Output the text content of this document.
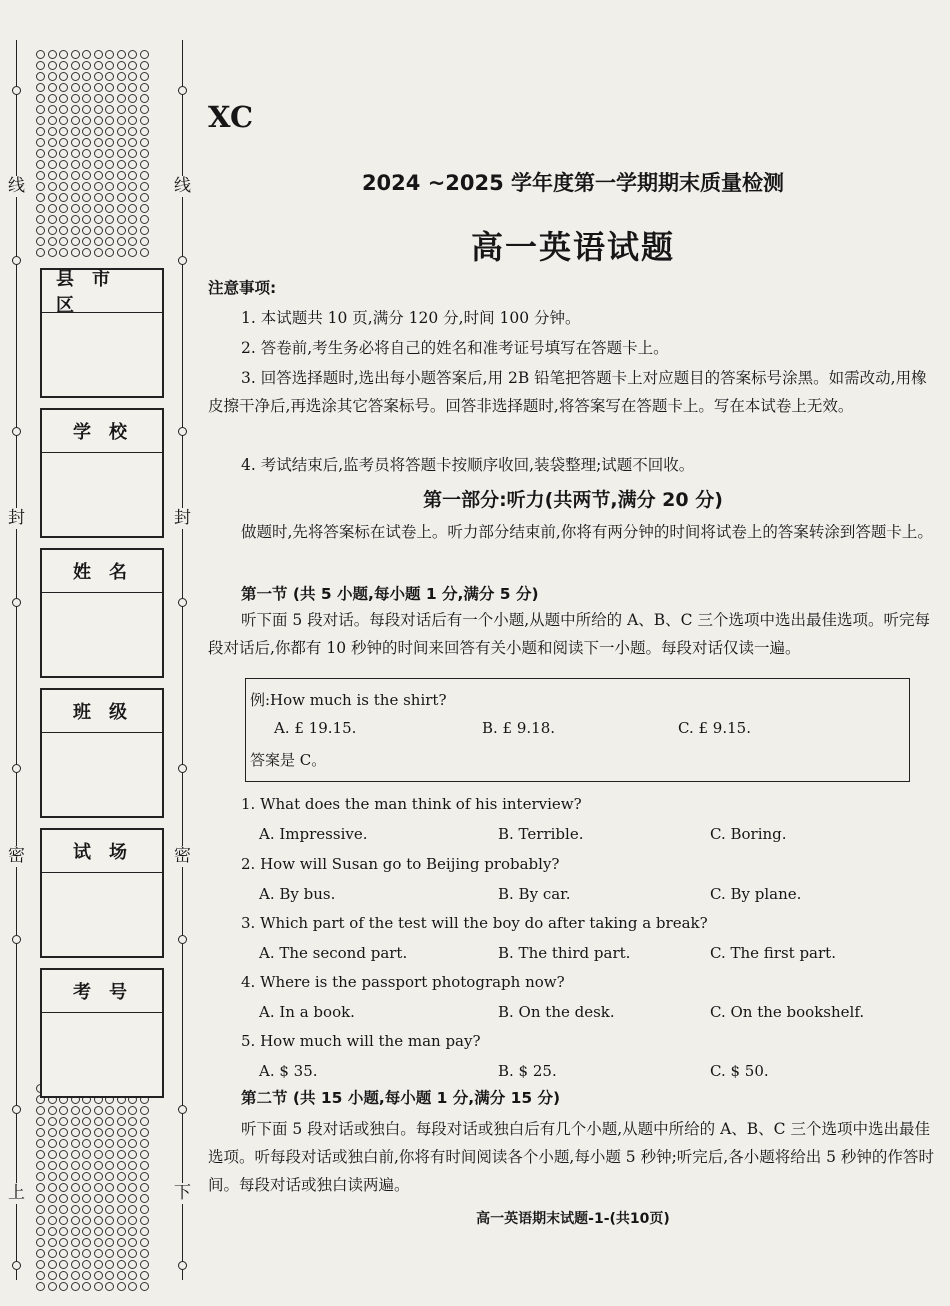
线
封
密
上
线
封
密
下
县市区
学校
姓名
班级
试场
考号
XC
2024 ~2025 学年度第一学期期末质量检测
高一英语试题
注意事项:
1. 本试题共 10 页,满分 120 分,时间 100 分钟。
2. 答卷前,考生务必将自己的姓名和准考证号填写在答题卡上。
3. 回答选择题时,选出每小题答案后,用 2B 铅笔把答题卡上对应题目的答案标号涂黑。如需改动,用橡皮擦干净后,再选涂其它答案标号。回答非选择题时,将答案写在答题卡上。写在本试卷上无效。
4. 考试结束后,监考员将答题卡按顺序收回,装袋整理;试题不回收。
第一部分:听力(共两节,满分 20 分)
做题时,先将答案标在试卷上。听力部分结束前,你将有两分钟的时间将试卷上的答案转涂到答题卡上。
第一节 (共 5 小题,每小题 1 分,满分 5 分)
听下面 5 段对话。每段对话后有一个小题,从题中所给的 A、B、C 三个选项中选出最佳选项。听完每段对话后,你都有 10 秒钟的时间来回答有关小题和阅读下一小题。每段对话仅读一遍。
例:How much is the shirt?
A. £ 19.15.	B. £ 9.18.	C. £ 9.15.
答案是 C。
1. What does the man think of his interview?
A. Impressive.	B. Terrible.	C. Boring.
2. How will Susan go to Beijing probably?
A. By bus.	B. By car.	C. By plane.
3. Which part of the test will the boy do after taking a break?
A. The second part.	B. The third part.	C. The first part.
4. Where is the passport photograph now?
A. In a book.	B. On the desk.	C. On the bookshelf.
5. How much will the man pay?
A. $ 35.	B. $ 25.	C. $ 50.
第二节 (共 15 小题,每小题 1 分,满分 15 分)
听下面 5 段对话或独白。每段对话或独白后有几个小题,从题中所给的 A、B、C 三个选项中选出最佳选项。听每段对话或独白前,你将有时间阅读各个小题,每小题 5 秒钟;听完后,各小题将给出 5 秒钟的作答时间。每段对话或独白读两遍。
高一英语期末试题-1-(共10页)
